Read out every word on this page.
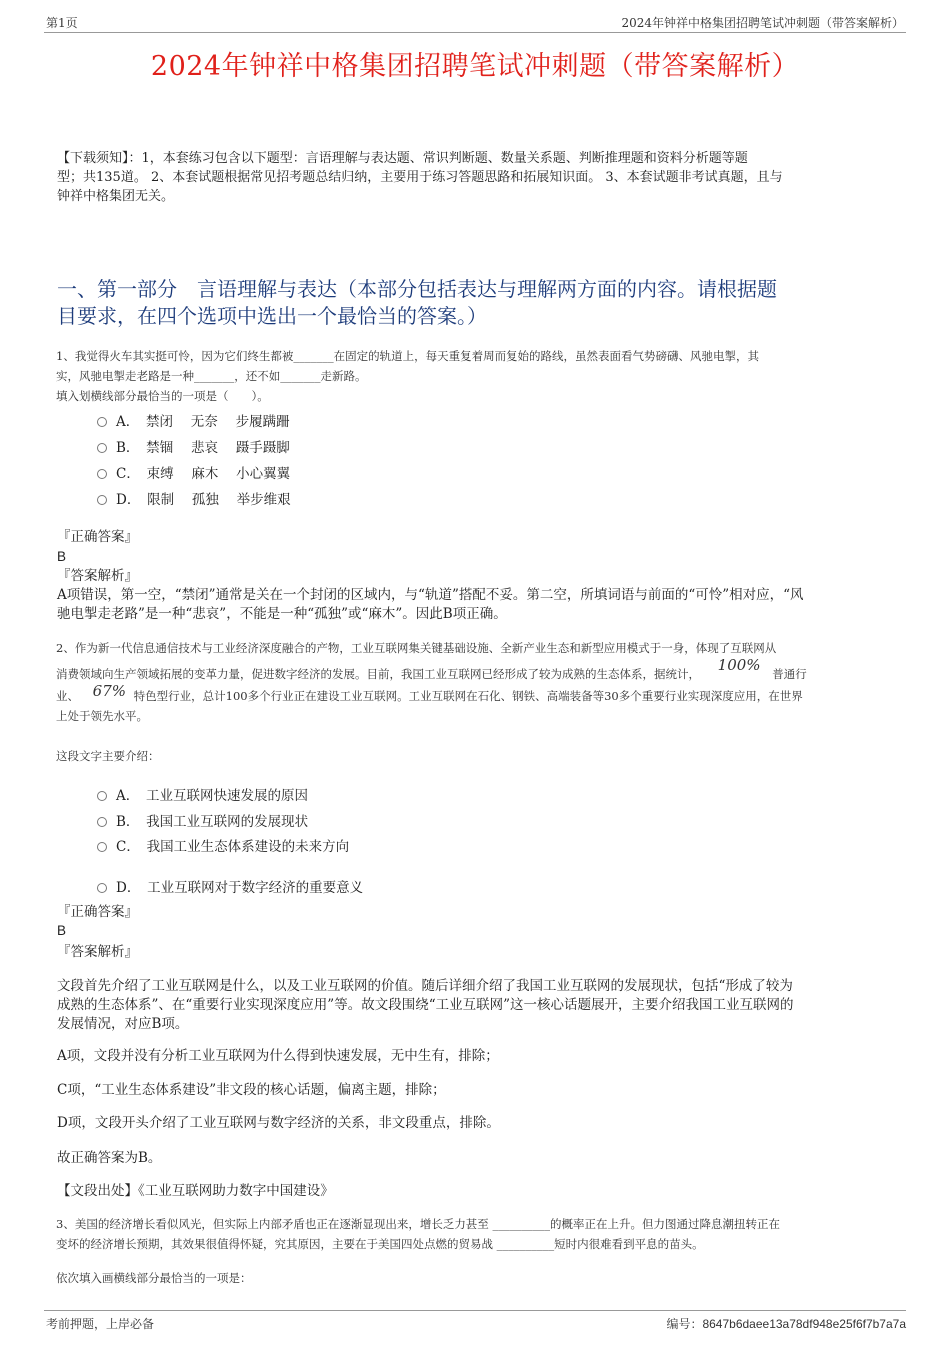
第1页	2024年钟祥中格集团招聘笔试冲刺题（带答案解析）
2024年钟祥中格集团招聘笔试冲刺题（带答案解析）
【下载须知】：1，本套练习包含以下题型：言语理解与表达题、常识判断题、数量关系题、判断推理题和资料分析题等题
型；共135道。 2、本套试题根据常见招考题总结归纳，主要用于练习答题思路和拓展知识面。 3、本套试题非考试真题，且与
钟祥中格集团无关。
一、第一部分　言语理解与表达（本部分包括表达与理解两方面的内容。请根据题
目要求，在四个选项中选出一个最恰当的答案。）
1、我觉得火车其实挺可怜，因为它们终生都被_______在固定的轨道上，每天重复着周而复始的路线，虽然表面看气势磅礴、风驰电掣，其
实，风驰电掣走老路是一种_______，还不如_______走新路。
填入划横线部分最恰当的一项是（　　）。
A．　禁闭　 无奈　 步履蹒跚
B．　禁锢　 悲哀　 蹑手蹑脚
C．　束缚　 麻木　 小心翼翼
D．　限制　 孤独　 举步维艰
『正确答案』
B
『答案解析』
A项错误，第一空，“禁闭”通常是关在一个封闭的区域内，与“轨道”搭配不妥。第二空，所填词语与前面的“可怜”相对应，“风
驰电掣走老路”是一种“悲哀”，不能是一种“孤独”或“麻木”。因此B项正确。
2、作为新一代信息通信技术与工业经济深度融合的产物，工业互联网集关键基础设施、全新产业生态和新型应用模式于一身，体现了互联网从
消费领域向生产领域拓展的变革力量，促进数字经济的发展。目前，我国工业互联网已经形成了较为成熟的生态体系，据统计， 100% 普通行
业、 67% 特色型行业，总计100多个行业正在建设工业互联网。工业互联网在石化、钢铁、高端装备等30多个重要行业实现深度应用，在世界
上处于领先水平。
这段文字主要介绍：
A．　工业互联网快速发展的原因
B．　我国工业互联网的发展现状
C．　我国工业生态体系建设的未来方向
D．　工业互联网对于数字经济的重要意义
『正确答案』
B
『答案解析』
文段首先介绍了工业互联网是什么，以及工业互联网的价值。随后详细介绍了我国工业互联网的发展现状，包括“形成了较为
成熟的生态体系”、在“重要行业实现深度应用”等。故文段围绕“工业互联网”这一核心话题展开，主要介绍我国工业互联网的
发展情况，对应B项。
A项，文段并没有分析工业互联网为什么得到快速发展，无中生有，排除；
C项，“工业生态体系建设”非文段的核心话题，偏离主题，排除；
D项，文段开头介绍了工业互联网与数字经济的关系，非文段重点，排除。
故正确答案为B。
【文段出处】《工业互联网助力数字中国建设》
3、美国的经济增长看似风光，但实际上内部矛盾也正在逐渐显现出来，增长乏力甚至 __________的概率正在上升。但力图通过降息潮扭转正在
变坏的经济增长预期，其效果很值得怀疑，究其原因，主要在于美国四处点燃的贸易战 __________短时内很难看到平息的苗头。
依次填入画横线部分最恰当的一项是：
考前押题，上岸必备	编号：8647b6daee13a78df948e25f6f7b7a7a
